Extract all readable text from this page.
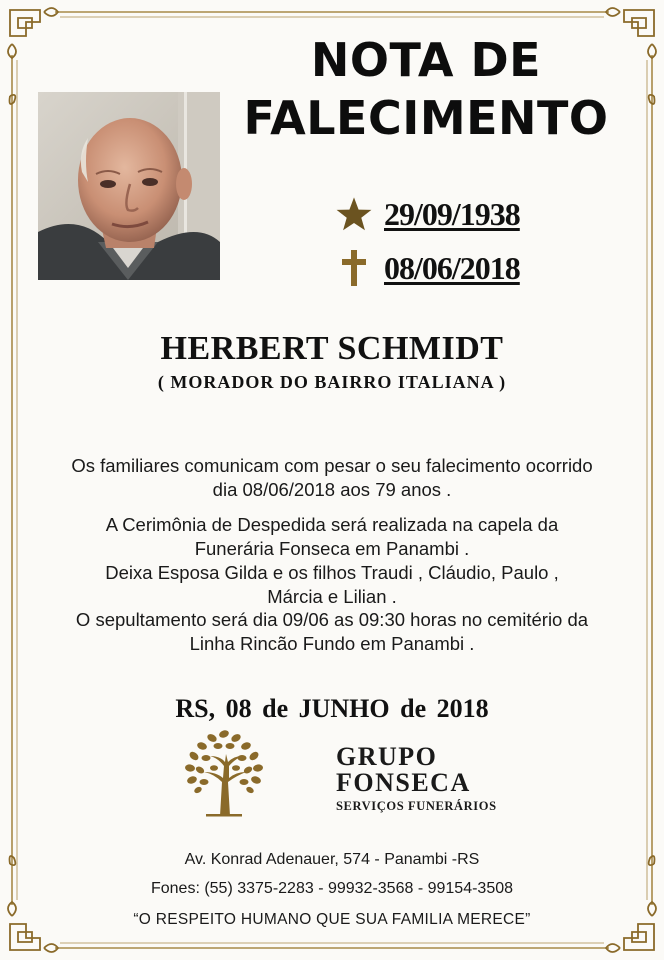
NOTA DE
FALECIMENTO
29/09/1938
08/06/2018
HERBERT SCHMIDT
( MORADOR DO BAIRRO ITALIANA )
Os familiares comunicam com pesar o seu falecimento ocorrido
dia 08/06/2018 aos 79 anos .
A Cerimônia de Despedida será realizada na capela da
Funerária Fonseca em Panambi .
Deixa Esposa Gilda e os filhos Traudi , Cláudio, Paulo ,
Márcia e Lilian .
O sepultamento será dia 09/06 as 09:30 horas no cemitério da
Linha Rincão Fundo em Panambi .
RS, 08 de JUNHO de 2018
GRUPO
FONSECA
SERVIÇOS FUNERÁRIOS
Av. Konrad Adenauer, 574 - Panambi -RS
Fones: (55) 3375-2283 - 99932-3568 - 99154-3508
“O RESPEITO HUMANO QUE SUA FAMILIA MERECE”
